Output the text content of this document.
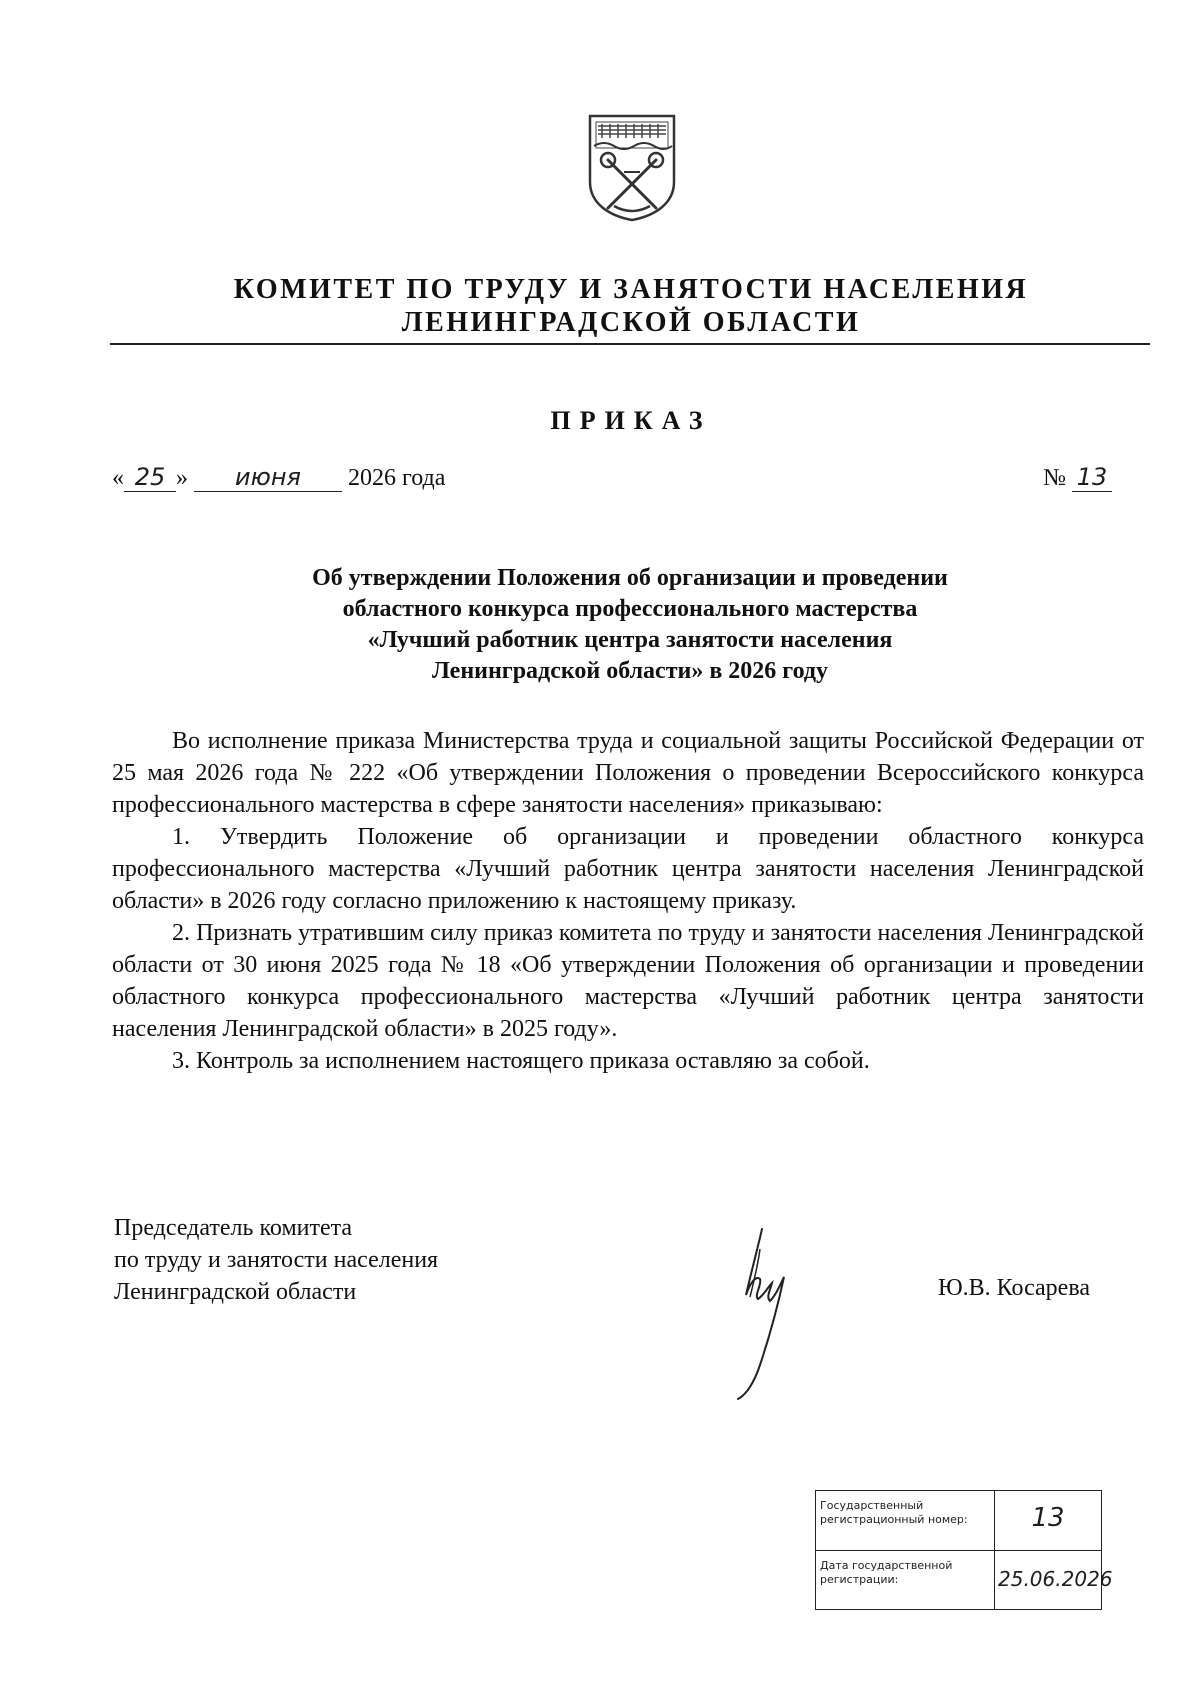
КОМИТЕТ ПО ТРУДУ И ЗАНЯТОСТИ НАСЕЛЕНИЯ
ЛЕНИНГРАДСКОЙ ОБЛАСТИ
ПРИКАЗ
« 25 » июня 2026 года	№ 13
Об утверждении Положения об организации и проведении
областного конкурса профессионального мастерства
«Лучший работник центра занятости населения
Ленинградской области» в 2026 году

Во исполнение приказа Министерства труда и социальной защиты Российской Федерации от 25 мая 2026 года № 222 «Об утверждении Положения о проведении Всероссийского конкурса профессионального мастерства в сфере занятости населения» приказываю:

1. Утвердить Положение об организации и проведении областного конкурса профессионального мастерства «Лучший работник центра занятости населения Ленинградской области» в 2026 году согласно приложению к настоящему приказу.

2. Признать утратившим силу приказ комитета по труду и занятости населения Ленинградской области от 30 июня 2025 года № 18 «Об утверждении Положения об организации и проведении областного конкурса профессионального мастерства «Лучший работник центра занятости населения Ленинградской области» в 2025 году».

3. Контроль за исполнением настоящего приказа оставляю за собой.

Председатель комитета
по труду и занятости населения
Ленинградской области	Ю.В. Косарева
Государственный регистрационный номер:	13
Дата государственной регистрации:	25.06.2026
